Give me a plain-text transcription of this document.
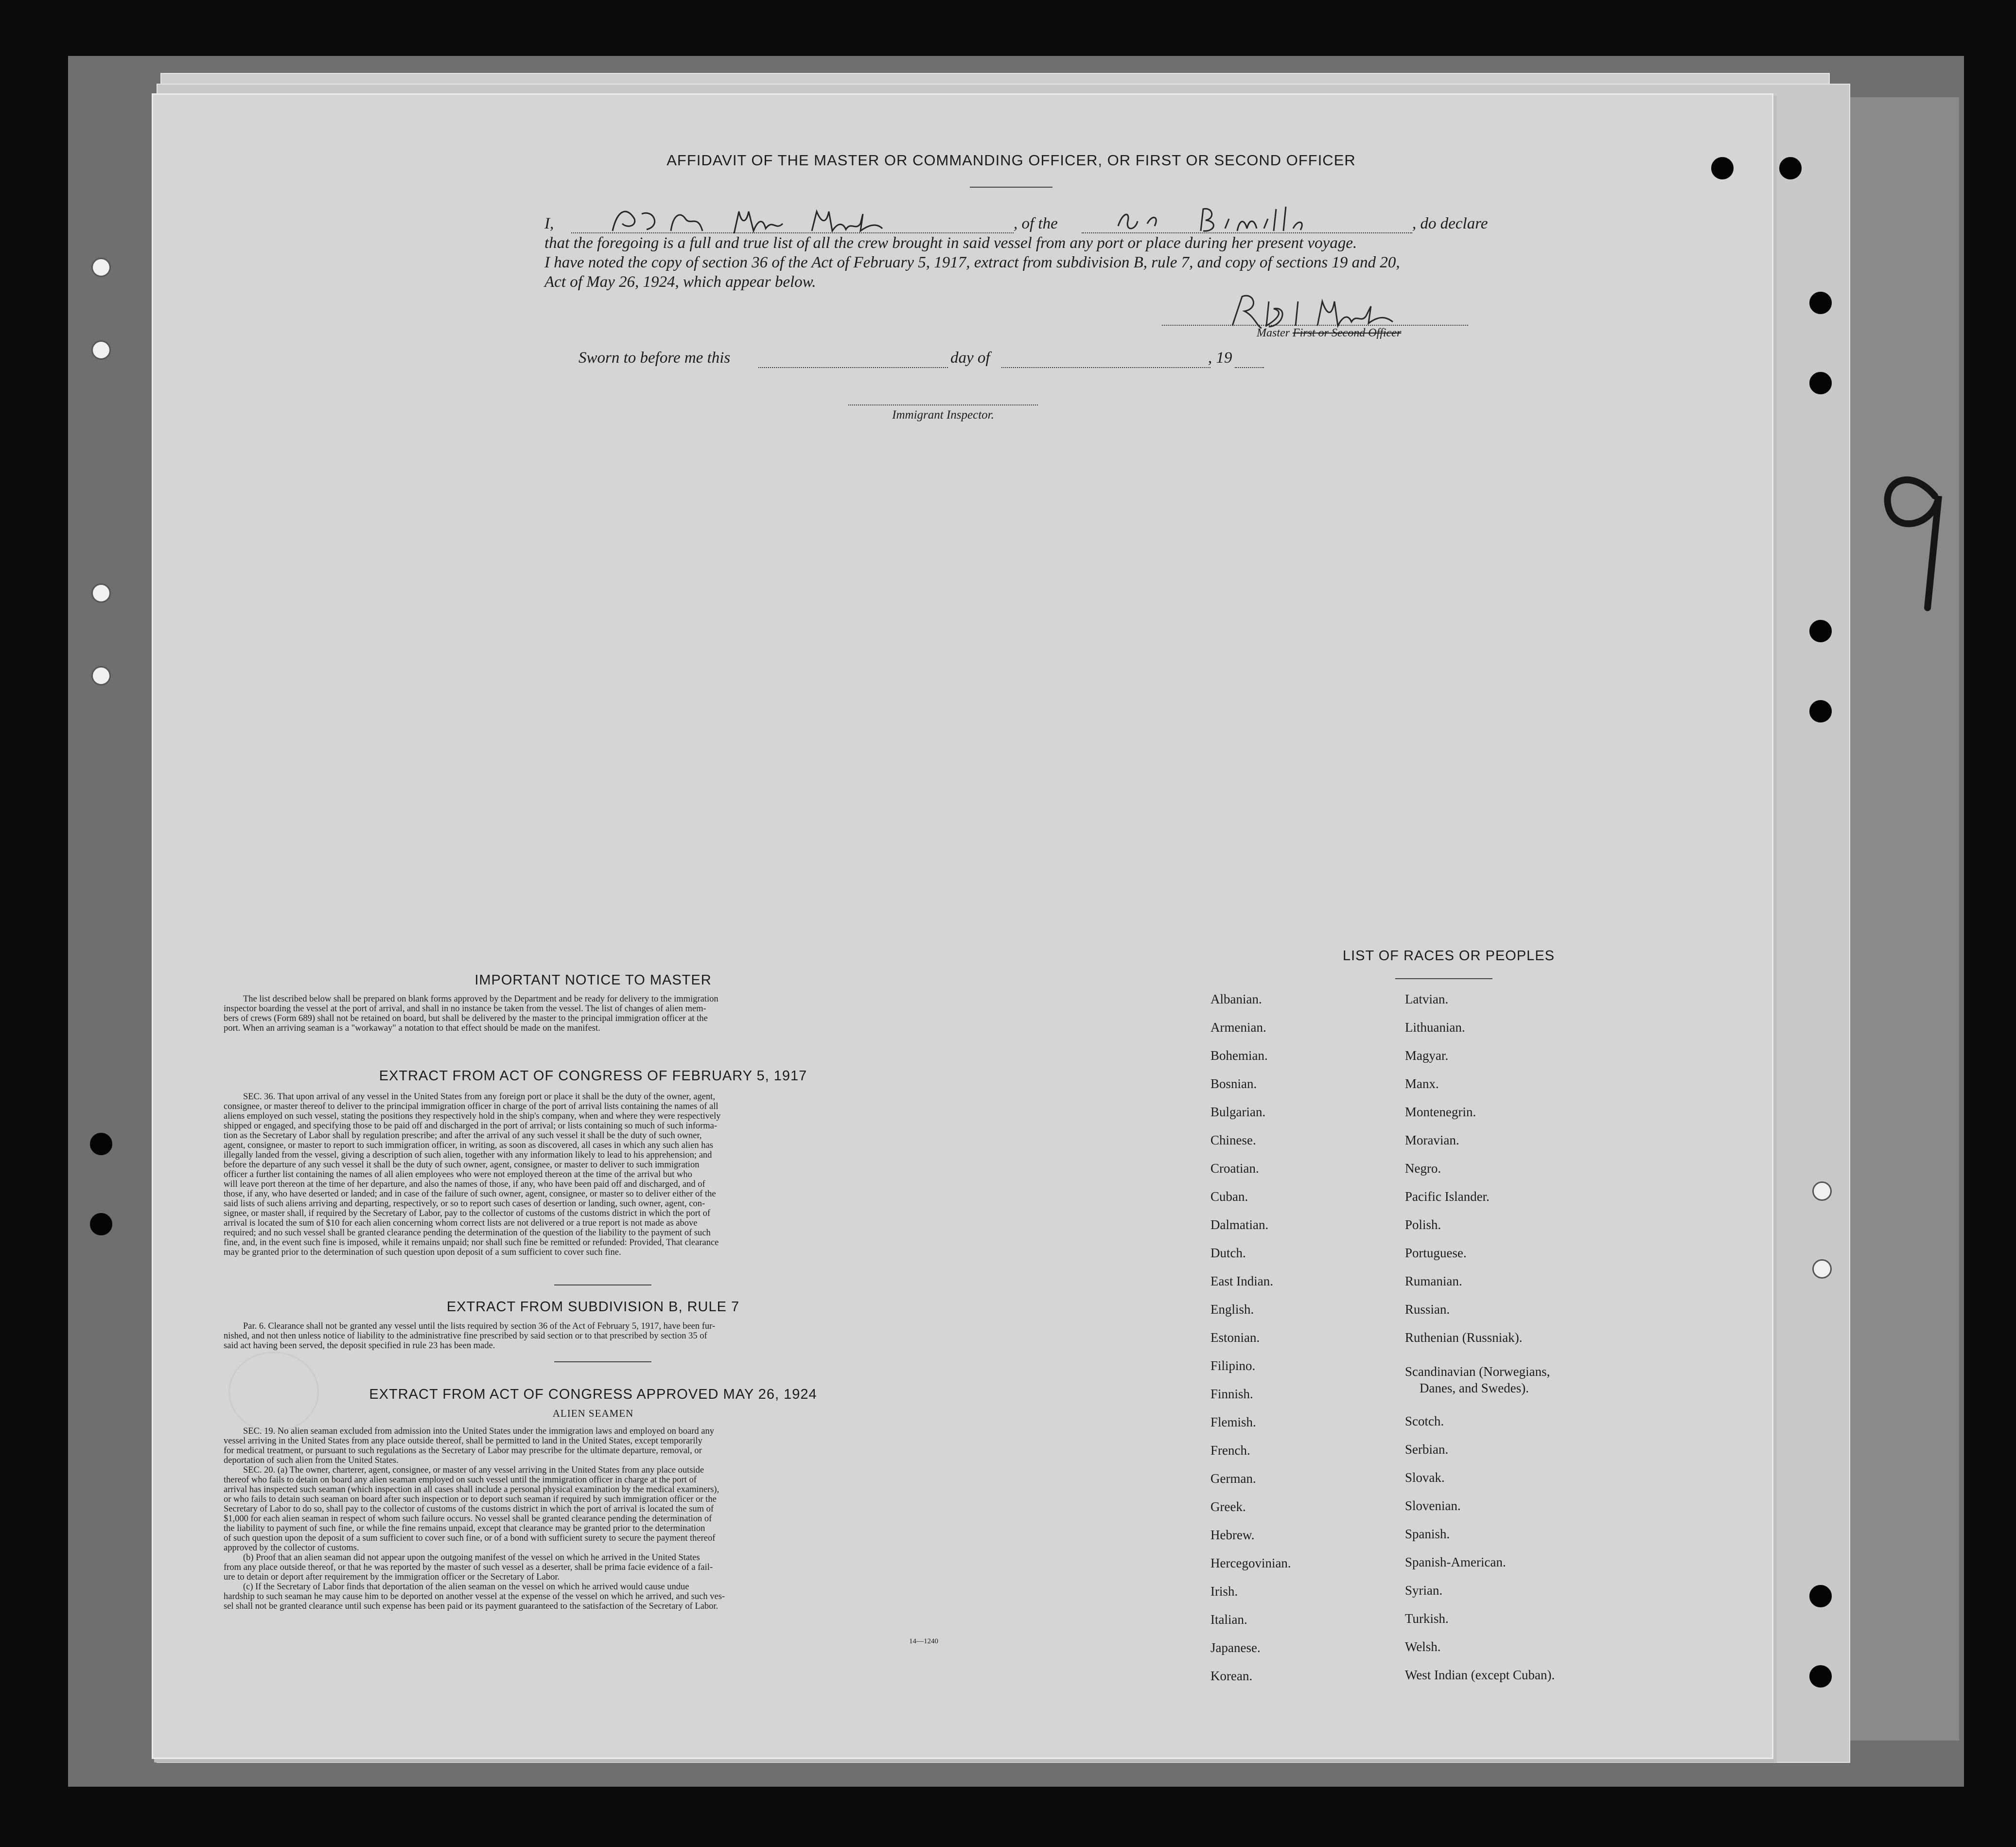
AFFIDAVIT OF THE MASTER OR COMMANDING OFFICER, OR FIRST OR SECOND OFFICER
I,	, of the	, do declare
that the foregoing is a full and true list of all the crew brought in said vessel from any port or place during her present voyage.
I have noted the copy of section 36 of the Act of February 5, 1917, extract from subdivision B, rule 7, and copy of sections 19 and 20,
Act of May 26, 1924, which appear below.
Master First or Second Officer
Sworn to before me this	day of	, 19
Immigrant Inspector.
IMPORTANT NOTICE TO MASTER

The list described below shall be prepared on blank forms approved by the Department and be ready for delivery to the immigration

inspector boarding the vessel at the port of arrival, and shall in no instance be taken from the vessel. The list of changes of alien mem-
bers of crews (Form 689) shall not be retained on board, but shall be delivered by the master to the principal immigration officer at the
port. When an arriving seaman is a "workaway" a notation to that effect should be made on the manifest.
EXTRACT FROM ACT OF CONGRESS OF FEBRUARY 5, 1917

SEC. 36. That upon arrival of any vessel in the United States from any foreign port or place it shall be the duty of the owner, agent,

consignee, or master thereof to deliver to the principal immigration officer in charge of the port of arrival lists containing the names of all
aliens employed on such vessel, stating the positions they respectively hold in the ship's company, when and where they were respectively
shipped or engaged, and specifying those to be paid off and discharged in the port of arrival; or lists containing so much of such informa-
tion as the Secretary of Labor shall by regulation prescribe; and after the arrival of any such vessel it shall be the duty of such owner,
agent, consignee, or master to report to such immigration officer, in writing, as soon as discovered, all cases in which any such alien has
illegally landed from the vessel, giving a description of such alien, together with any information likely to lead to his apprehension; and
before the departure of any such vessel it shall be the duty of such owner, agent, consignee, or master to deliver to such immigration
officer a further list containing the names of all alien employees who were not employed thereon at the time of the arrival but who
will leave port thereon at the time of her departure, and also the names of those, if any, who have been paid off and discharged, and of
those, if any, who have deserted or landed; and in case of the failure of such owner, agent, consignee, or master so to deliver either of the
said lists of such aliens arriving and departing, respectively, or so to report such cases of desertion or landing, such owner, agent, con-
signee, or master shall, if required by the Secretary of Labor, pay to the collector of customs of the customs district in which the port of
arrival is located the sum of $10 for each alien concerning whom correct lists are not delivered or a true report is not made as above
required; and no such vessel shall be granted clearance pending the determination of the question of the liability to the payment of such
fine, and, in the event such fine is imposed, while it remains unpaid; nor shall such fine be remitted or refunded: Provided, That clearance
may be granted prior to the determination of such question upon deposit of a sum sufficient to cover such fine.
EXTRACT FROM SUBDIVISION B, RULE 7

Par. 6. Clearance shall not be granted any vessel until the lists required by section 36 of the Act of February 5, 1917, have been fur-

nished, and not then unless notice of liability to the administrative fine prescribed by said section or to that prescribed by section 35 of
said act having been served, the deposit specified in rule 23 has been made.
EXTRACT FROM ACT OF CONGRESS APPROVED MAY 26, 1924
ALIEN SEAMEN

SEC. 19. No alien seaman excluded from admission into the United States under the immigration laws and employed on board any

vessel arriving in the United States from any place outside thereof, shall be permitted to land in the United States, except temporarily
for medical treatment, or pursuant to such regulations as the Secretary of Labor may prescribe for the ultimate departure, removal, or
deportation of such alien from the United States.

SEC. 20. (a) The owner, charterer, agent, consignee, or master of any vessel arriving in the United States from any place outside

thereof who fails to detain on board any alien seaman employed on such vessel until the immigration officer in charge at the port of
arrival has inspected such seaman (which inspection in all cases shall include a personal physical examination by the medical examiners),
or who fails to detain such seaman on board after such inspection or to deport such seaman if required by such immigration officer or the
Secretary of Labor to do so, shall pay to the collector of customs of the customs district in which the port of arrival is located the sum of
$1,000 for each alien seaman in respect of whom such failure occurs. No vessel shall be granted clearance pending the determination of
the liability to payment of such fine, or while the fine remains unpaid, except that clearance may be granted prior to the determination
of such question upon the deposit of a sum sufficient to cover such fine, or of a bond with sufficient surety to secure the payment thereof
approved by the collector of customs.

(b) Proof that an alien seaman did not appear upon the outgoing manifest of the vessel on which he arrived in the United States

from any place outside thereof, or that he was reported by the master of such vessel as a deserter, shall be prima facie evidence of a fail-
ure to detain or deport after requirement by the immigration officer or the Secretary of Labor.

(c) If the Secretary of Labor finds that deportation of the alien seaman on the vessel on which he arrived would cause undue

hardship to such seaman he may cause him to be deported on another vessel at the expense of the vessel on which he arrived, and such ves-
sel shall not be granted clearance until such expense has been paid or its payment guaranteed to the satisfaction of the Secretary of Labor.
14—1240
LIST OF RACES OR PEOPLES
Albanian.
Armenian.
Bohemian.
Bosnian.
Bulgarian.
Chinese.
Croatian.
Cuban.
Dalmatian.
Dutch.
East Indian.
English.
Estonian.
Filipino.
Finnish.
Flemish.
French.
German.
Greek.
Hebrew.
Hercegovinian.
Irish.
Italian.
Japanese.
Korean.
Latvian.
Lithuanian.
Magyar.
Manx.
Montenegrin.
Moravian.
Negro.
Pacific Islander.
Polish.
Portuguese.
Rumanian.
Russian.
Ruthenian (Russniak).
Scandinavian (Norwegians,
Danes, and Swedes).
Scotch.
Serbian.
Slovak.
Slovenian.
Spanish.
Spanish-American.
Syrian.
Turkish.
Welsh.
West Indian (except Cuban).
